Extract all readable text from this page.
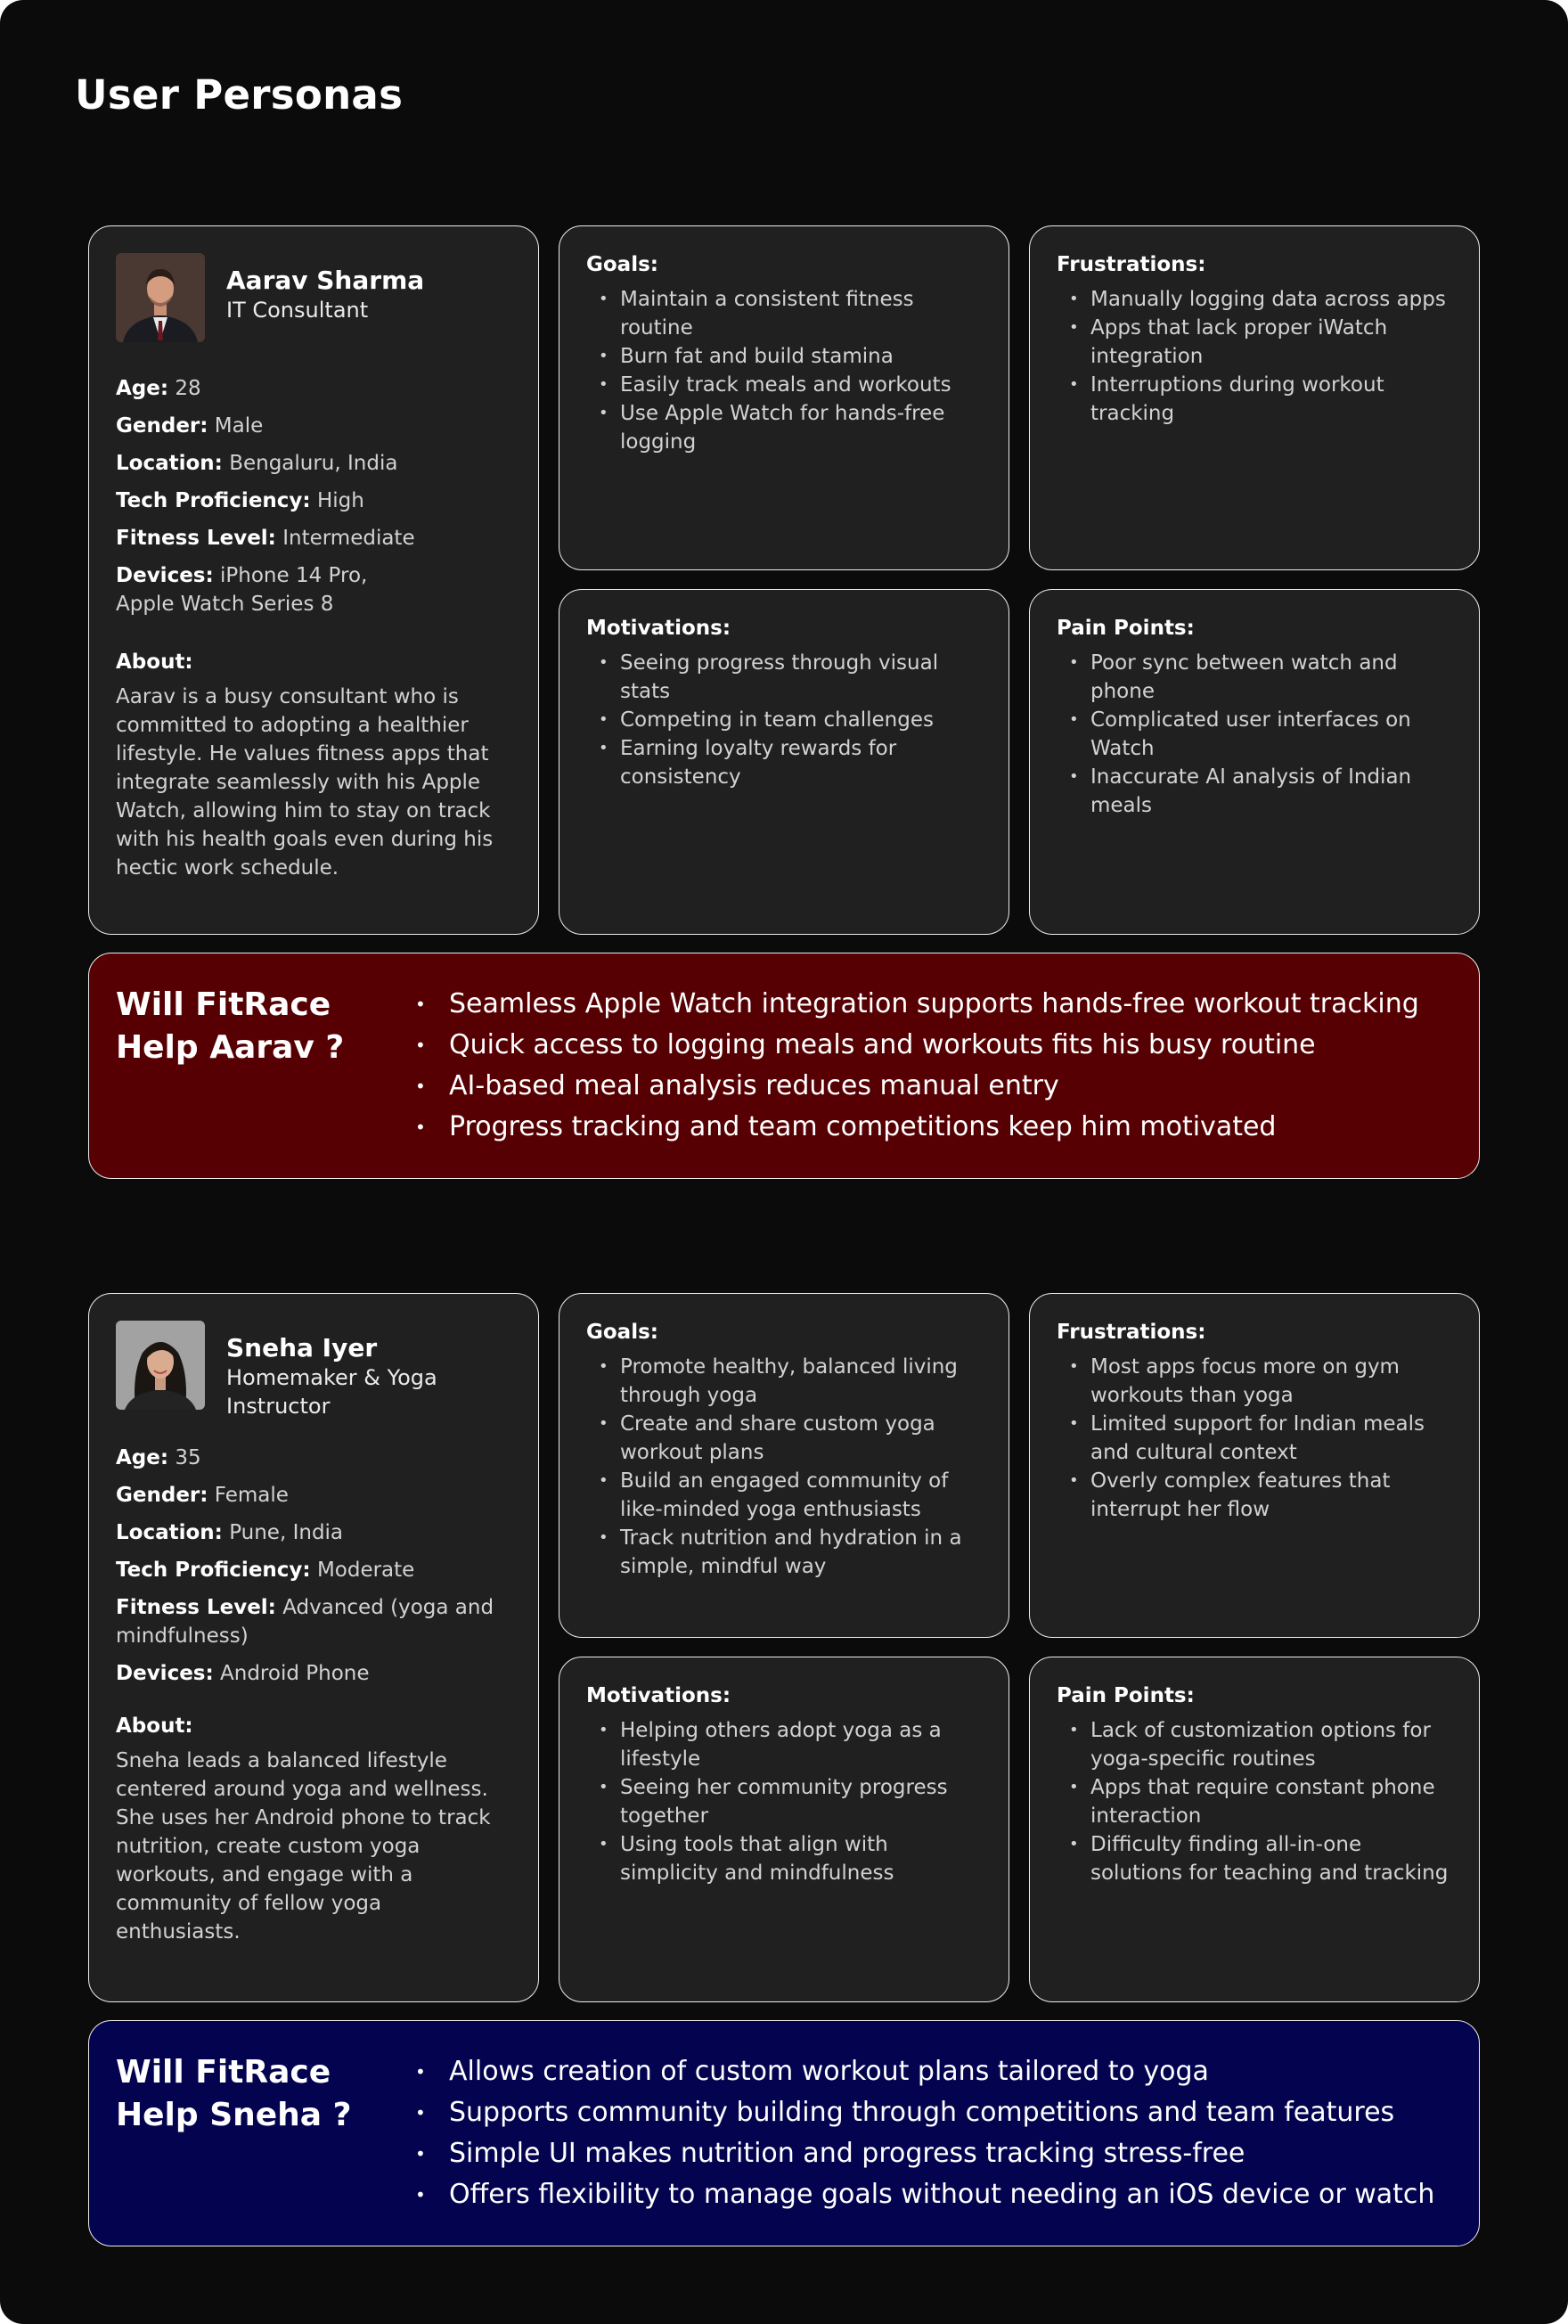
User Personas
Aarav Sharma
IT Consultant
Age: 28
Gender: Male
Location: Bengaluru, India
Tech Proficiency: High
Fitness Level: Intermediate
Devices: iPhone 14 Pro, Apple Watch Series 8
About:
Aarav is a busy consultant who is committed to adopting a healthier lifestyle. He values fitness apps that integrate seamlessly with his Apple Watch, allowing him to stay on track with his health goals even during his hectic work schedule.
Goals:
• Maintain a consistent fitness routine
• Burn fat and build stamina
• Easily track meals and workouts
• Use Apple Watch for hands-free logging
Frustrations:
• Manually logging data across apps
• Apps that lack proper iWatch integration
• Interruptions during workout tracking
Motivations:
• Seeing progress through visual stats
• Competing in team challenges
• Earning loyalty rewards for consistency
Pain Points:
• Poor sync between watch and phone
• Complicated user interfaces on Watch
• Inaccurate AI analysis of Indian meals
Will FitRace Help Aarav ?
• Seamless Apple Watch integration supports hands-free workout tracking
• Quick access to logging meals and workouts fits his busy routine
• AI-based meal analysis reduces manual entry
• Progress tracking and team competitions keep him motivated
Sneha Iyer
Homemaker & Yoga Instructor
Age: 35
Gender: Female
Location: Pune, India
Tech Proficiency: Moderate
Fitness Level: Advanced (yoga and mindfulness)
Devices: Android Phone
About:
Sneha leads a balanced lifestyle centered around yoga and wellness. She uses her Android phone to track nutrition, create custom yoga workouts, and engage with a community of fellow yoga enthusiasts.
Goals:
• Promote healthy, balanced living through yoga
• Create and share custom yoga workout plans
• Build an engaged community of like-minded yoga enthusiasts
• Track nutrition and hydration in a simple, mindful way
Frustrations:
• Most apps focus more on gym workouts than yoga
• Limited support for Indian meals and cultural context
• Overly complex features that interrupt her flow
Motivations:
• Helping others adopt yoga as a lifestyle
• Seeing her community progress together
• Using tools that align with simplicity and mindfulness
Pain Points:
• Lack of customization options for yoga-specific routines
• Apps that require constant phone interaction
• Difficulty finding all-in-one solutions for teaching and tracking
Will FitRace Help Sneha ?
• Allows creation of custom workout plans tailored to yoga
• Supports community building through competitions and team features
• Simple UI makes nutrition and progress tracking stress-free
• Offers flexibility to manage goals without needing an iOS device or watch
